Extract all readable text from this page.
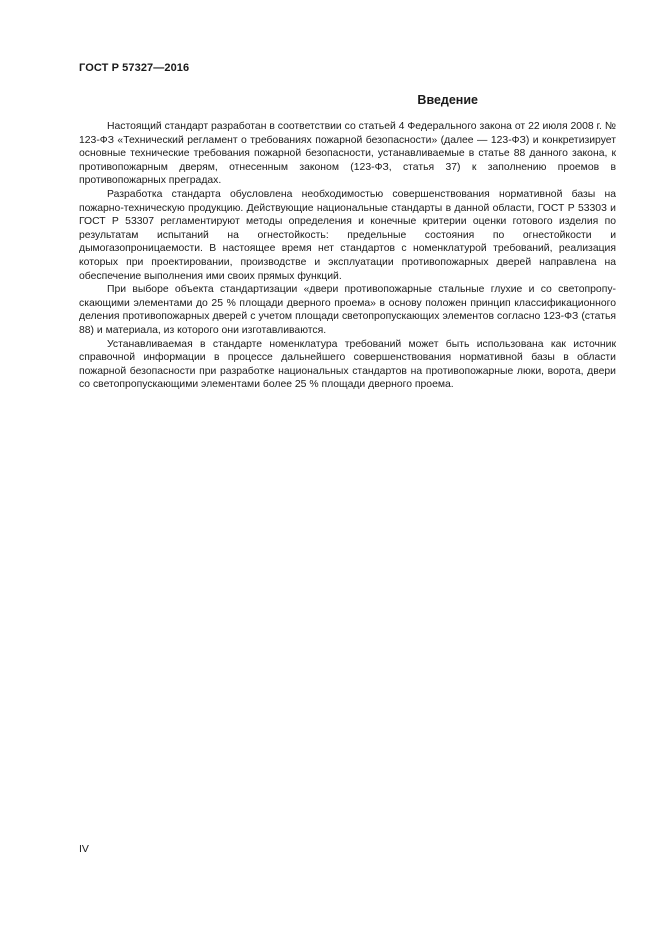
ГОСТ Р 57327—2016
Введение

Настоящий стандарт разработан в соответствии со статьей 4 Федерального закона от 22 июля 2008 г. № 123-ФЗ «Технический регламент о требованиях пожарной безопасности» (далее — 123-ФЗ) и конкретизирует основные технические требования пожарной безопасности, устанавливаемые в статье 88 данного закона, к противопожарным дверям, отнесенным законом (123-ФЗ, статья 37) к заполнению проемов в противопожарных преградах.

Разработка стандарта обусловлена необходимостью совершенствования нормативной базы на пожарно-техническую продукцию. Действующие национальные стандарты в данной области, ГОСТ Р 53303 и ГОСТ Р 53307 регламентируют методы определения и конечные критерии оценки готового изделия по результатам испытаний на огнестойкость: предельные состояния по огнестойкости и дымогазопроницаемости. В настоящее время нет стандартов с номенклатурой требований, реализация которых при проектировании, производстве и эксплуатации противопожарных дверей направлена на обеспечение выполнения ими своих прямых функций.

При выборе объекта стандартизации «двери противопожарные стальные глухие и со светопропускающими элементами до 25 % площади дверного проема» в основу положен принцип классификационного деления противопожарных дверей с учетом площади светопропускающих элементов согласно 123-ФЗ (статья 88) и материала, из которого они изготавливаются.

Устанавливаемая в стандарте номенклатура требований может быть использована как источник справочной информации в процессе дальнейшего совершенствования нормативной базы в области пожарной безопасности при разработке национальных стандартов на противопожарные люки, ворота, двери со светопропускающими элементами более 25 % площади дверного проема.

IV
